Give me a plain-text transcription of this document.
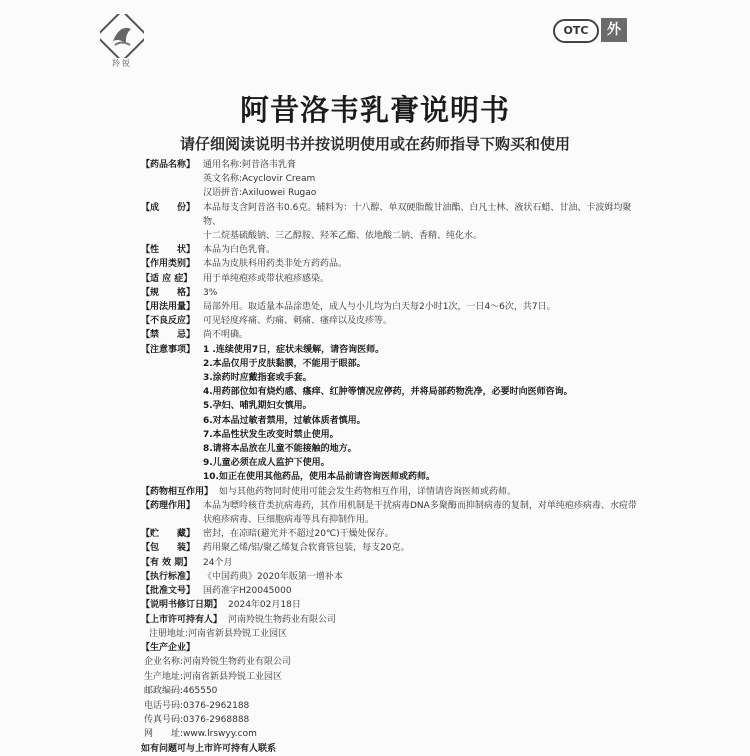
羚锐
OTC	外
阿昔洛韦乳膏说明书
请仔细阅读说明书并按说明使用或在药师指导下购买和使用
【药品名称】 通用名称:阿昔洛韦乳膏
英文名称:Acyclovir Cream
汉语拼音:Axiluowei Rugao
【成　　份】 本品每支含阿昔洛韦0.6克。辅料为：十八醇、单双硬脂酸甘油酯、白凡士林、液状石蜡、甘油、卡波姆均聚物、
十二烷基硫酸钠、三乙醇胺、羟苯乙酯、依地酸二钠、香精、纯化水。
【性　　状】 本品为白色乳膏。
【作用类别】 本品为皮肤科用药类非处方药药品。
【适 应 症】	用于单纯疱疹或带状疱疹感染。
【规　　格】 3%
【用法用量】 局部外用。取适量本品涂患处，成人与小儿均为白天每2小时1次，一日4～6次，共7日。
【不良反应】 可见轻度疼痛、灼痛、刺痛、瘙痒以及皮疹等。
【禁　　忌】 尚不明确。
【注意事项】 1 .连续使用7日，症状未缓解，请咨询医师。
2.本品仅用于皮肤黏膜，不能用于眼部。
3.涂药时应戴指套或手套。
4.用药部位如有烧灼感、瘙痒、红肿等情况应停药，并将局部药物洗净，必要时向医师咨询。
5.孕妇、哺乳期妇女慎用。
6.对本品过敏者禁用，过敏体质者慎用。
7.本品性状发生改变时禁止使用。
8.请将本品放在儿童不能接触的地方。
9.儿童必须在成人监护下使用。
10.如正在使用其他药品，使用本品前请咨询医师或药师。
【药物相互作用】 如与其他药物同时使用可能会发生药物相互作用，详情请咨询医师或药师。
【药理作用】 本品为嘌呤核苷类抗病毒药，其作用机制是干扰病毒DNA多聚酶而抑制病毒的复制，对单纯疱疹病毒、水痘带
状疱疹病毒、巨细胞病毒等具有抑制作用。
【贮　　藏】 密封，在凉暗(避光并不超过20℃)干燥处保存。
【包　　装】 药用聚乙烯/铝/聚乙烯复合软膏管包装，每支20克。
【有 效 期】	24个月
【执行标准】 《中国药典》2020年版第一增补本
【批准文号】 国药准字H20045000
【说明书修订日期】 2024年02月18日
【上市许可持有人】 河南羚锐生物药业有限公司
注册地址:河南省新县羚锐工业园区
【生产企业】
企业名称:河南羚锐生物药业有限公司
生产地址:河南省新县羚锐工业园区
邮政编码:465550
电话号码:0376-2962188
传真号码:0376-2968888
网　　址:www.lrswyy.com
如有问题可与上市许可持有人联系
